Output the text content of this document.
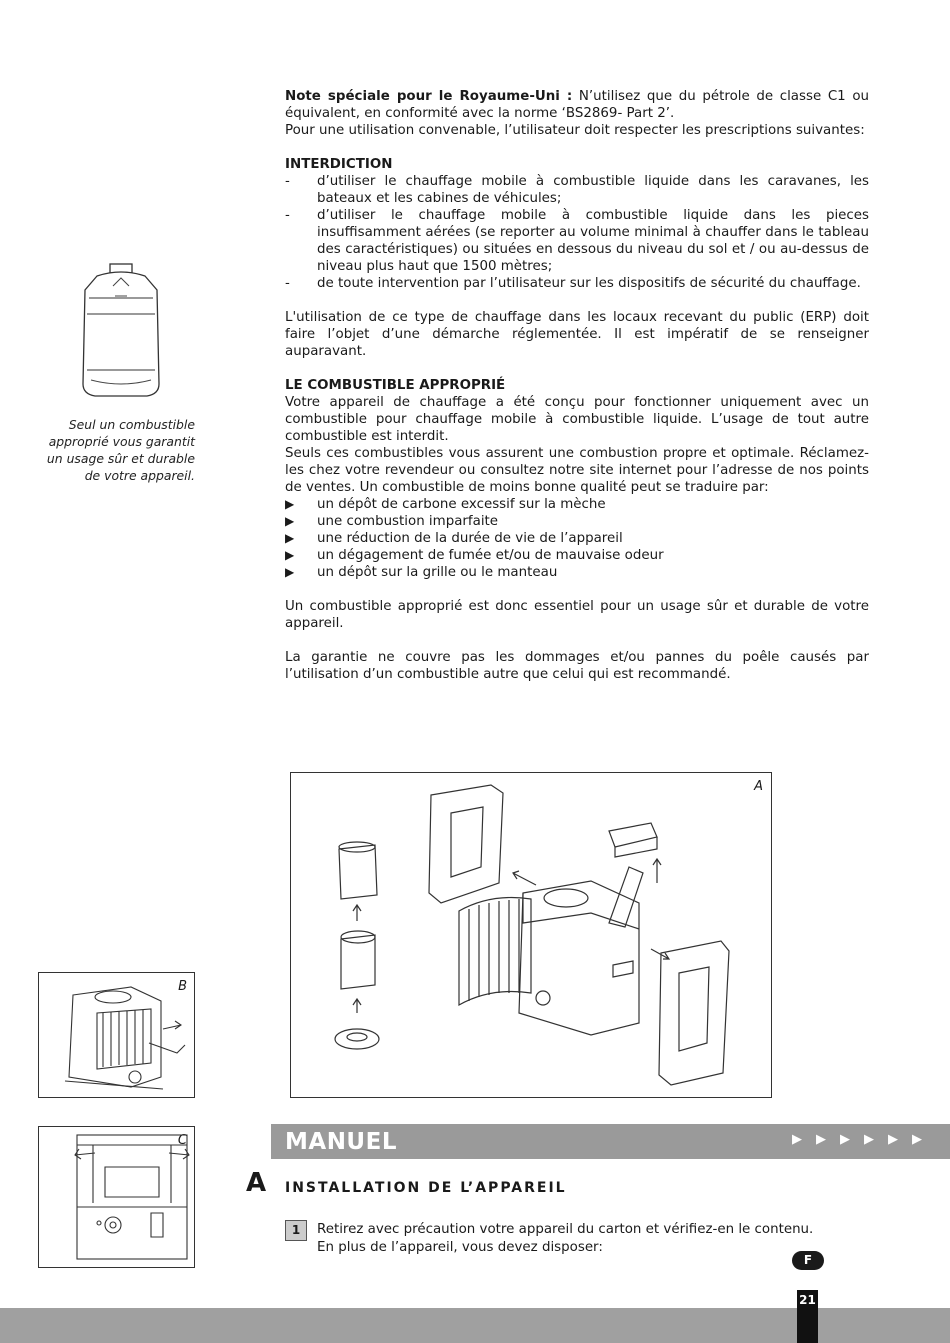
Note spéciale pour le Royaume-Uni : N’utilisez que du pétrole de classe C1 ou équivalent, en conformité avec la norme ‘BS2869- Part 2’.

Pour une utilisation convenable, l’utilisateur doit respecter les prescriptions suivantes:

INTERDICTION

-	d’utiliser le chauffage mobile à combustible liquide dans les caravanes, les bateaux et les cabines de véhicules;
-	d’utiliser le chauffage mobile à combustible liquide dans les pieces insuffisamment aérées (se reporter au volume minimal à chauffer dans le tableau des caractéristiques) ou situées en dessous du niveau du sol et / ou au-dessus de niveau plus haut que 1500 mètres;
-	de toute intervention par l’utilisateur sur les dispositifs de sécurité du chauffage.

L'utilisation de ce type de chauffage dans les locaux recevant du public (ERP) doit faire l’objet d’une démarche réglementée. Il est impératif de se renseigner auparavant.

LE COMBUSTIBLE APPROPRIÉ

Votre appareil de chauffage a été conçu pour fonctionner uniquement avec un combustible pour chauffage mobile à combustible liquide. L’usage de tout autre combustible est interdit.

Seuls ces combustibles vous assurent une combustion propre et optimale. Réclamez-les chez votre revendeur ou consultez notre site internet pour l’adresse de nos points de ventes. Un combustible de moins bonne qualité peut se traduire par:

▶	un dépôt de carbone excessif sur la mèche
▶	une combustion imparfaite
▶	une réduction de la durée de vie de l’appareil
▶	un dégagement de fumée et/ou de mauvaise odeur
▶	un dépôt sur la grille ou le manteau

Un combustible approprié est donc essentiel pour un usage sûr et durable de votre appareil.

La garantie ne couvre pas les dommages et/ou pannes du poêle causés par l’utilisation d’un combustible autre que celui qui est recommandé.

Seul un combustible approprié vous garantit un usage sûr et durable de votre appareil.
A
B
C	MANUEL	▶▶▶▶▶▶
A INSTALLATION DE L’APPAREIL
1	Retirez avec précaution votre appareil du carton et vérifiez-en le contenu.
En plus de l’appareil, vous devez disposer:
F
21
